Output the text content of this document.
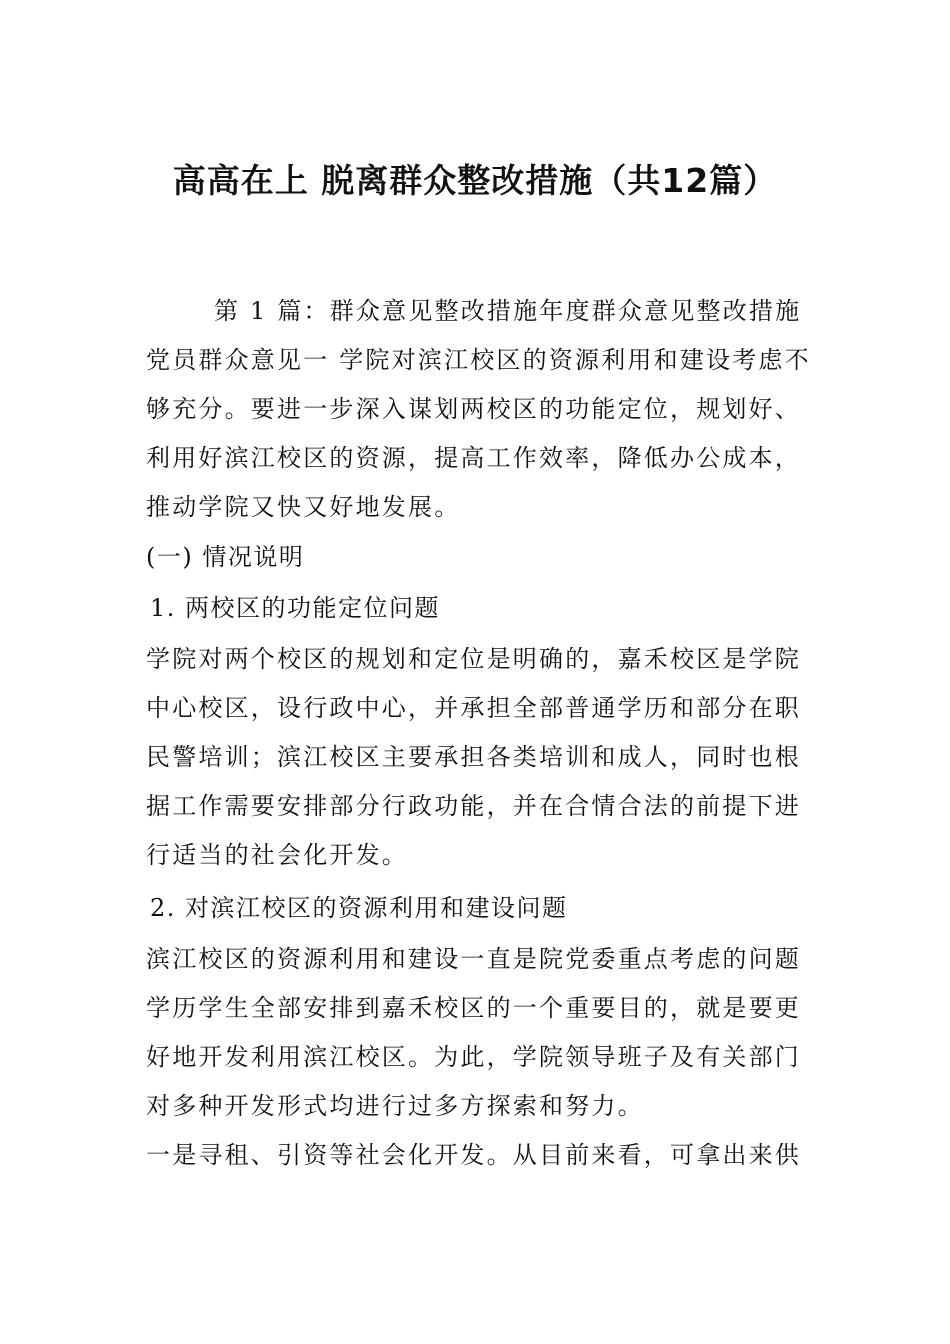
高高在上 脱离群众整改措施（共12篇）
第 1 篇：群众意见整改措施年度群众意见整改措施
党员群众意见一 学院对滨江校区的资源利用和建设考虑不
够充分。要进一步深入谋划两校区的功能定位，规划好、
利用好滨江校区的资源，提高工作效率，降低办公成本，
推动学院又快又好地发展。
(一) 情况说明
1. 两校区的功能定位问题
学院对两个校区的规划和定位是明确的，嘉禾校区是学院
中心校区，设行政中心，并承担全部普通学历和部分在职
民警培训；滨江校区主要承担各类培训和成人，同时也根
据工作需要安排部分行政功能，并在合情合法的前提下进
行适当的社会化开发。
2. 对滨江校区的资源利用和建设问题
滨江校区的资源利用和建设一直是院党委重点考虑的问题
学历学生全部安排到嘉禾校区的一个重要目的，就是要更
好地开发利用滨江校区。为此，学院领导班子及有关部门
对多种开发形式均进行过多方探索和努力。
一是寻租、引资等社会化开发。从目前来看，可拿出来供
